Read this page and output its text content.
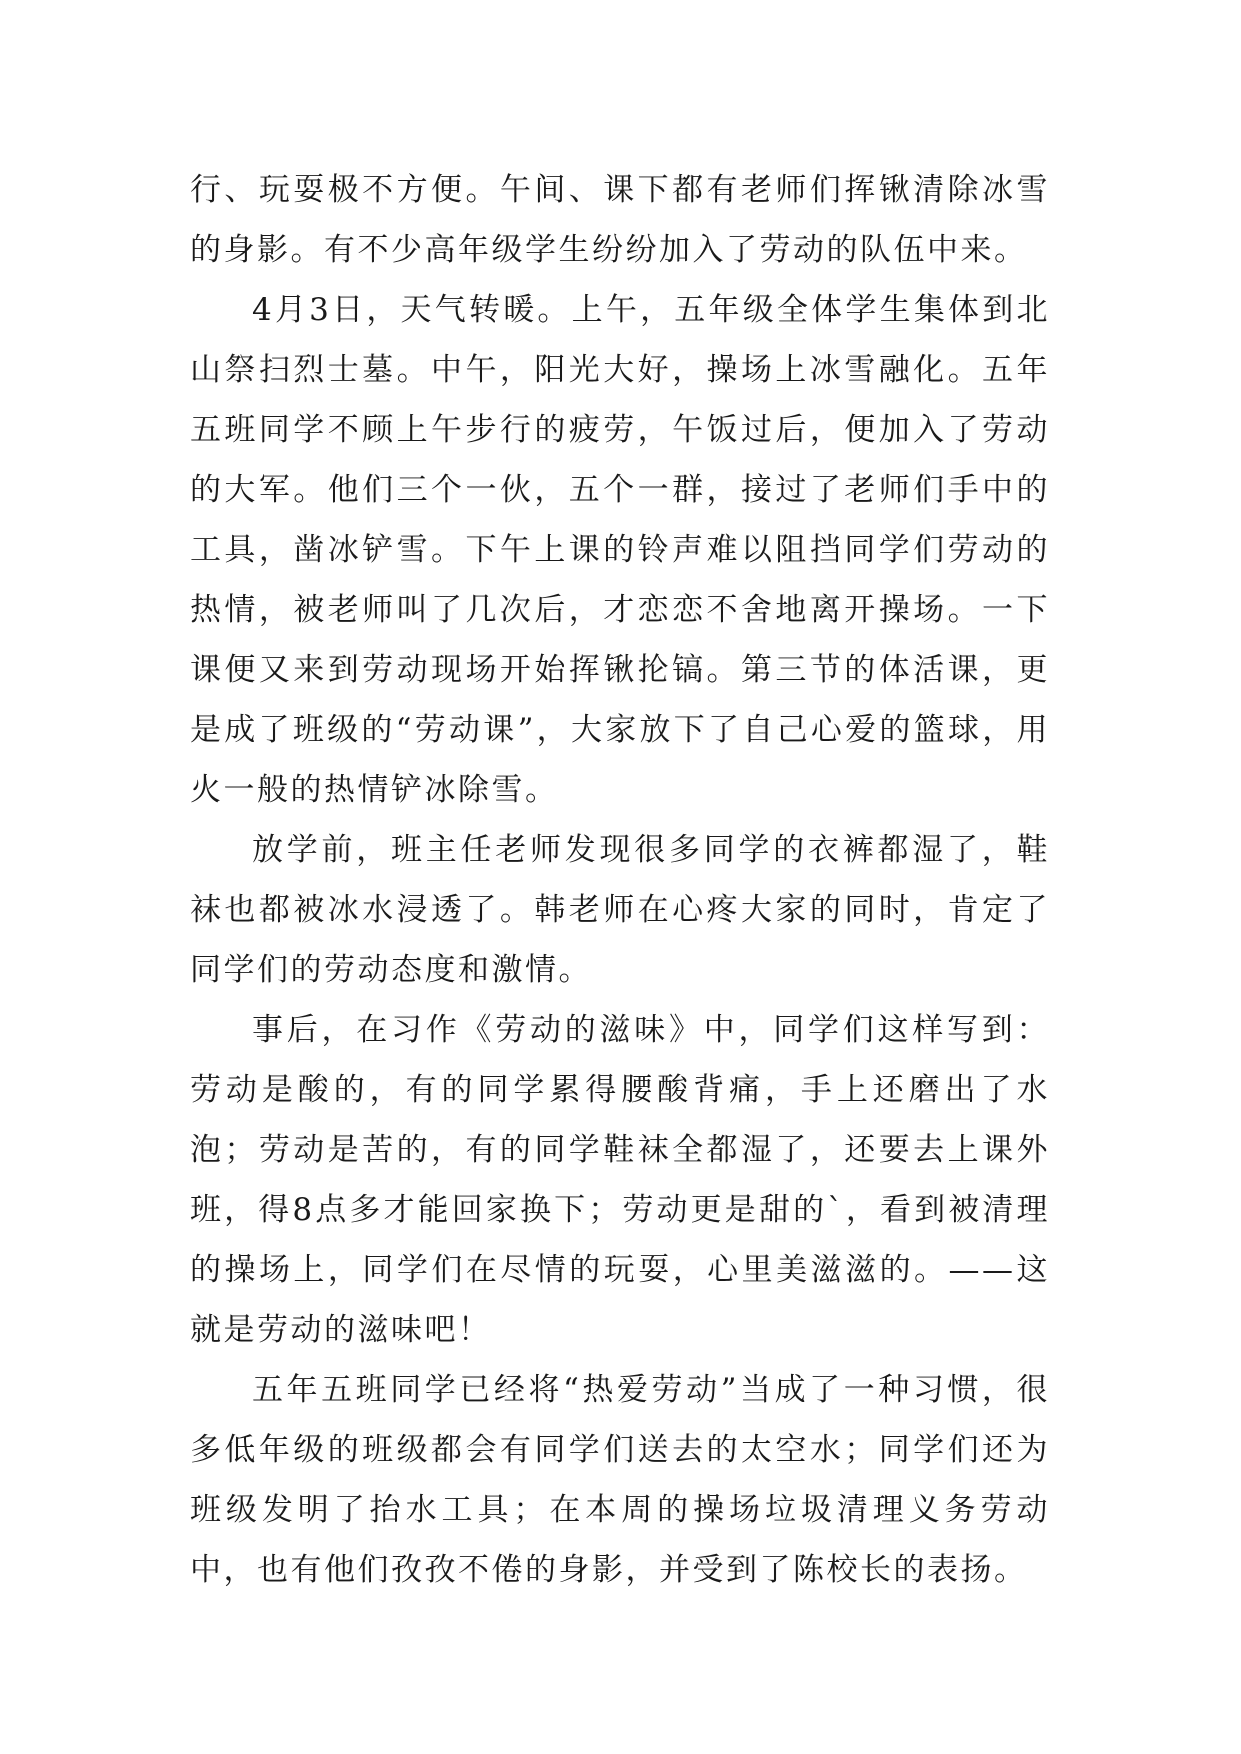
行、玩耍极不方便。午间、课下都有老师们挥锹清除冰雪的身影。有不少高年级学生纷纷加入了劳动的队伍中来。

4月3日，天气转暖。上午，五年级全体学生集体到北山祭扫烈士墓。中午，阳光大好，操场上冰雪融化。五年五班同学不顾上午步行的疲劳，午饭过后，便加入了劳动的大军。他们三个一伙，五个一群，接过了老师们手中的工具，凿冰铲雪。下午上课的铃声难以阻挡同学们劳动的热情，被老师叫了几次后，才恋恋不舍地离开操场。一下课便又来到劳动现场开始挥锹抡镐。第三节的体活课，更是成了班级的“劳动课”，大家放下了自己心爱的篮球，用火一般的热情铲冰除雪。

放学前，班主任老师发现很多同学的衣裤都湿了，鞋袜也都被冰水浸透了。韩老师在心疼大家的同时，肯定了同学们的劳动态度和激情。

事后，在习作《劳动的滋味》中，同学们这样写到：劳动是酸的，有的同学累得腰酸背痛，手上还磨出了水泡；劳动是苦的，有的同学鞋袜全都湿了，还要去上课外班，得8点多才能回家换下；劳动更是甜的`，看到被清理的操场上，同学们在尽情的玩耍，心里美滋滋的。——这就是劳动的滋味吧！

五年五班同学已经将“热爱劳动”当成了一种习惯，很多低年级的班级都会有同学们送去的太空水；同学们还为班级发明了抬水工具；在本周的操场垃圾清理义务劳动中，也有他们孜孜不倦的身影，并受到了陈校长的表扬。
